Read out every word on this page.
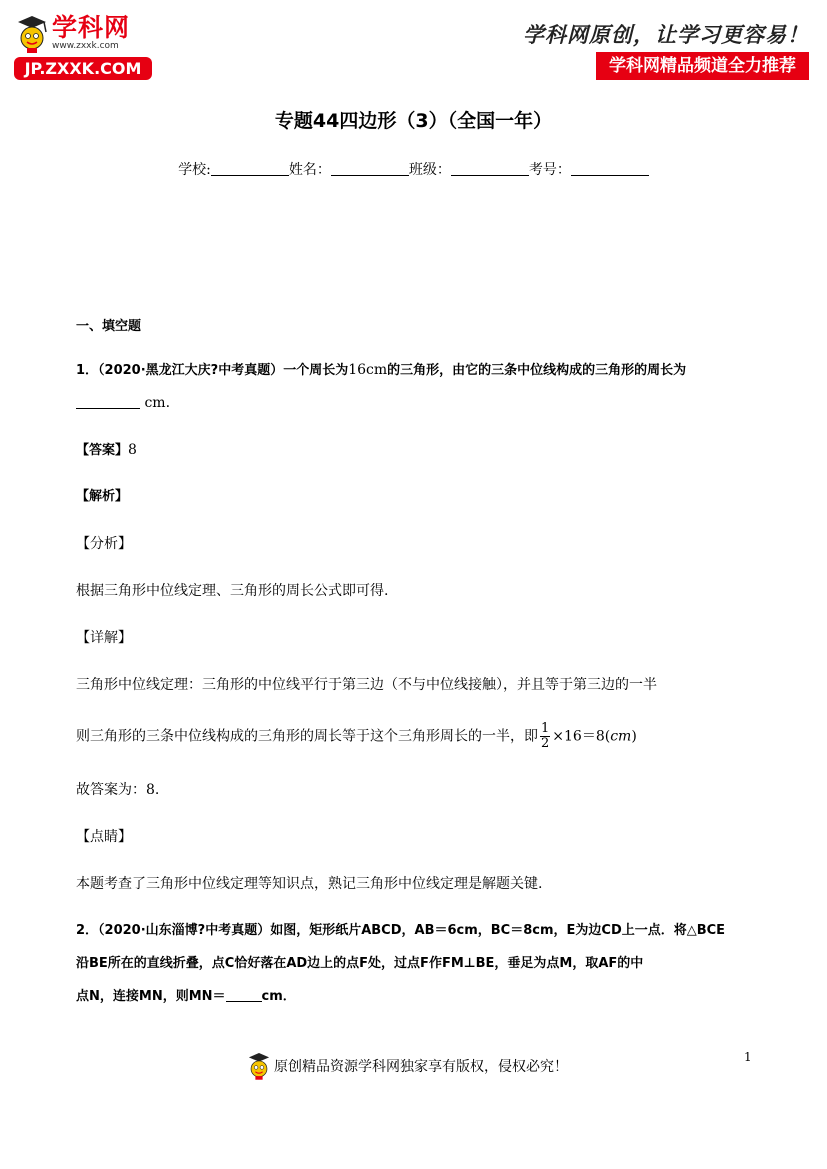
学科网
www.zxxk.com
JP.ZXXK.COM
学科网原创，让学习更容易！
学科网精品频道全力推荐
专题44四边形（3）（全国一年）
学校:	姓名：	班级：	考号：
一、填空题
1．（2020·黑龙江大庆?中考真题）一个周长为16cm的三角形，由它的三条中位线构成的三角形的周长为
cm.
【答案】8
【解析】
【分析】
根据三角形中位线定理、三角形的周长公式即可得.
【详解】
三角形中位线定理：三角形的中位线平行于第三边（不与中位线接触），并且等于第三边的一半
则三角形的三条中位线构成的三角形的周长等于这个三角形周长的一半，即 $\frac{1}{2} \times 16=8(cm)$
故答案为：8.
【点睛】
本题考查了三角形中位线定理等知识点，熟记三角形中位线定理是解题关键.
2．（2020·山东淄博?中考真题）如图，矩形纸片ABCD，AB＝6cm，BC＝8cm，E为边CD上一点．将△BCE
沿BE所在的直线折叠，点C恰好落在AD边上的点F处，过点F作FM⊥BE，垂足为点M，取AF的中
点N，连接MN，则MN＝	cm．
原创精品资源学科网独家享有版权，侵权必究！
1
